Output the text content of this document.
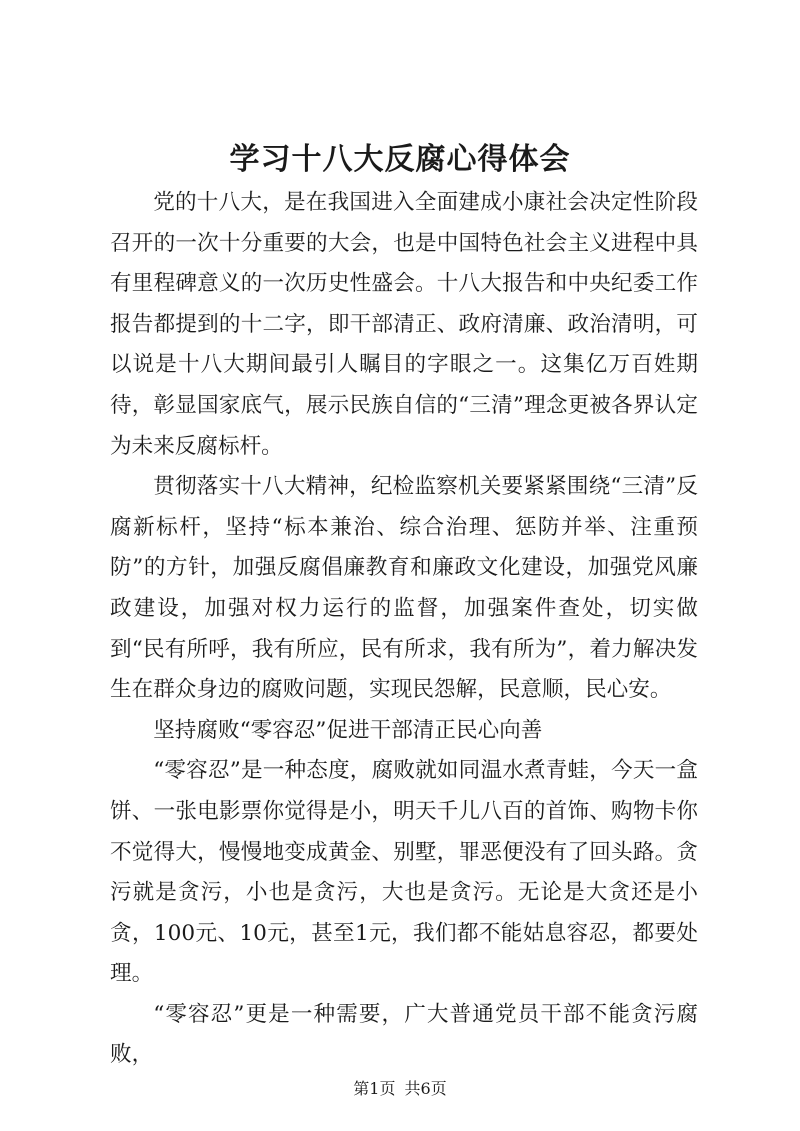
学习十八大反腐心得体会

党的十八大，是在我国进入全面建成小康社会决定性阶段召开的一次十分重要的大会，也是中国特色社会主义进程中具有里程碑意义的一次历史性盛会。十八大报告和中央纪委工作报告都提到的十二字，即干部清正、政府清廉、政治清明，可以说是十八大期间最引人瞩目的字眼之一。这集亿万百姓期待，彰显国家底气，展示民族自信的“三清”理念更被各界认定为未来反腐标杆。

贯彻落实十八大精神，纪检监察机关要紧紧围绕“三清”反腐新标杆，坚持“标本兼治、综合治理、惩防并举、注重预防”的方针，加强反腐倡廉教育和廉政文化建设，加强党风廉政建设，加强对权力运行的监督，加强案件查处，切实做到“民有所呼，我有所应，民有所求，我有所为”，着力解决发生在群众身边的腐败问题，实现民怨解，民意顺，民心安。

坚持腐败“零容忍”促进干部清正民心向善

“零容忍”是一种态度，腐败就如同温水煮青蛙，今天一盒饼、一张电影票你觉得是小，明天千儿八百的首饰、购物卡你不觉得大，慢慢地变成黄金、别墅，罪恶便没有了回头路。贪污就是贪污，小也是贪污，大也是贪污。无论是大贪还是小贪，100元、10元，甚至1元，我们都不能姑息容忍，都要处理。

“零容忍”更是一种需要，广大普通党员干部不能贪污腐败，

第1页 共6页
